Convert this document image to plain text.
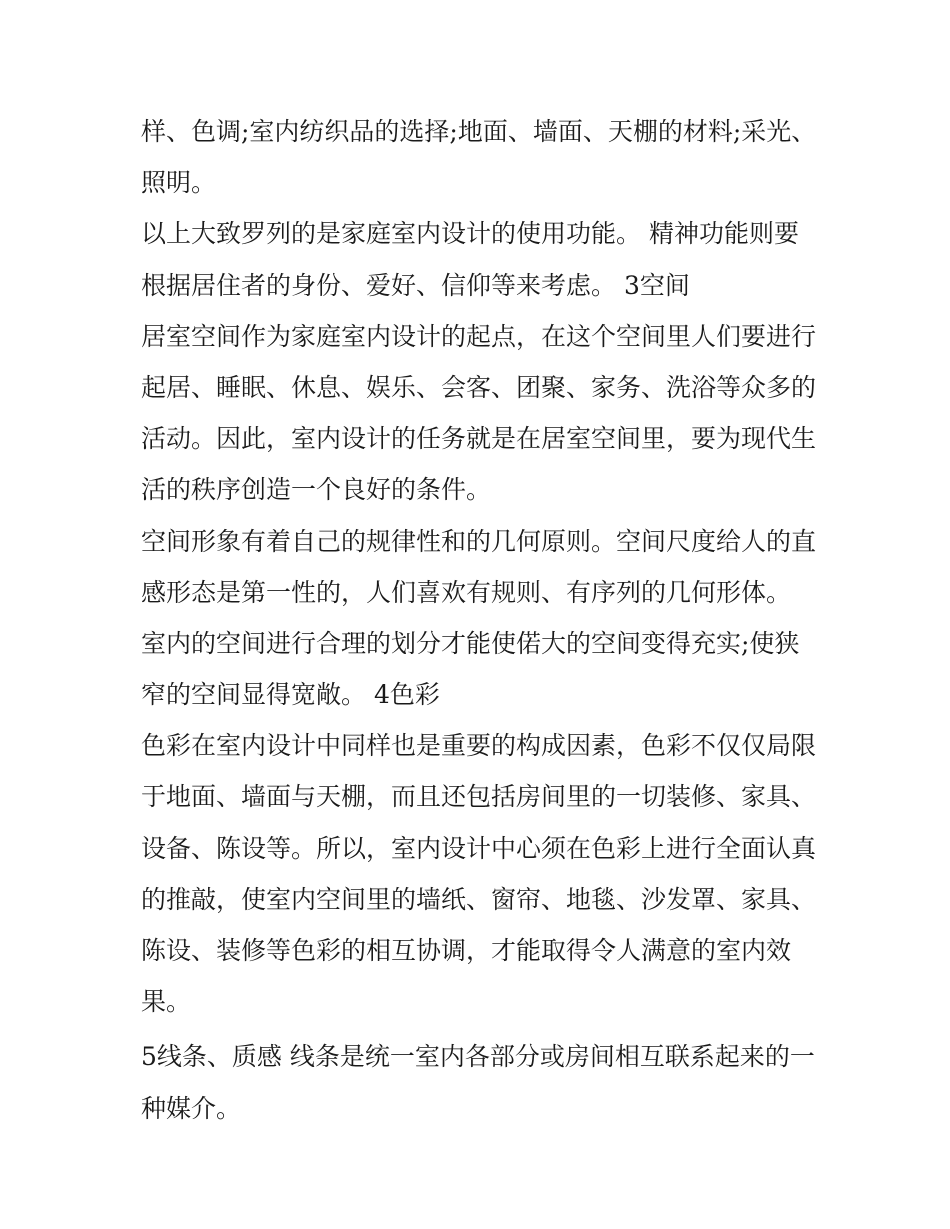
样、色调;室内纺织品的选择;地面、墙面、天棚的材料;采光、
照明。
以上大致罗列的是家庭室内设计的使用功能。 精神功能则要
根据居住者的身份、爱好、信仰等来考虑。 3空间
居室空间作为家庭室内设计的起点，在这个空间里人们要进行
起居、睡眠、休息、娱乐、会客、团聚、家务、洗浴等众多的
活动。因此，室内设计的任务就是在居室空间里，要为现代生
活的秩序创造一个良好的条件。
空间形象有着自己的规律性和的几何原则。空间尺度给人的直
感形态是第一性的，人们喜欢有规则、有序列的几何形体。
室内的空间进行合理的划分才能使偌大的空间变得充实;使狭
窄的空间显得宽敞。 4色彩
色彩在室内设计中同样也是重要的构成因素，色彩不仅仅局限
于地面、墙面与天棚，而且还包括房间里的一切装修、家具、
设备、陈设等。所以，室内设计中心须在色彩上进行全面认真
的推敲，使室内空间里的墙纸、窗帘、地毯、沙发罩、家具、
陈设、装修等色彩的相互协调，才能取得令人满意的室内效
果。
5线条、质感 线条是统一室内各部分或房间相互联系起来的一
种媒介。
